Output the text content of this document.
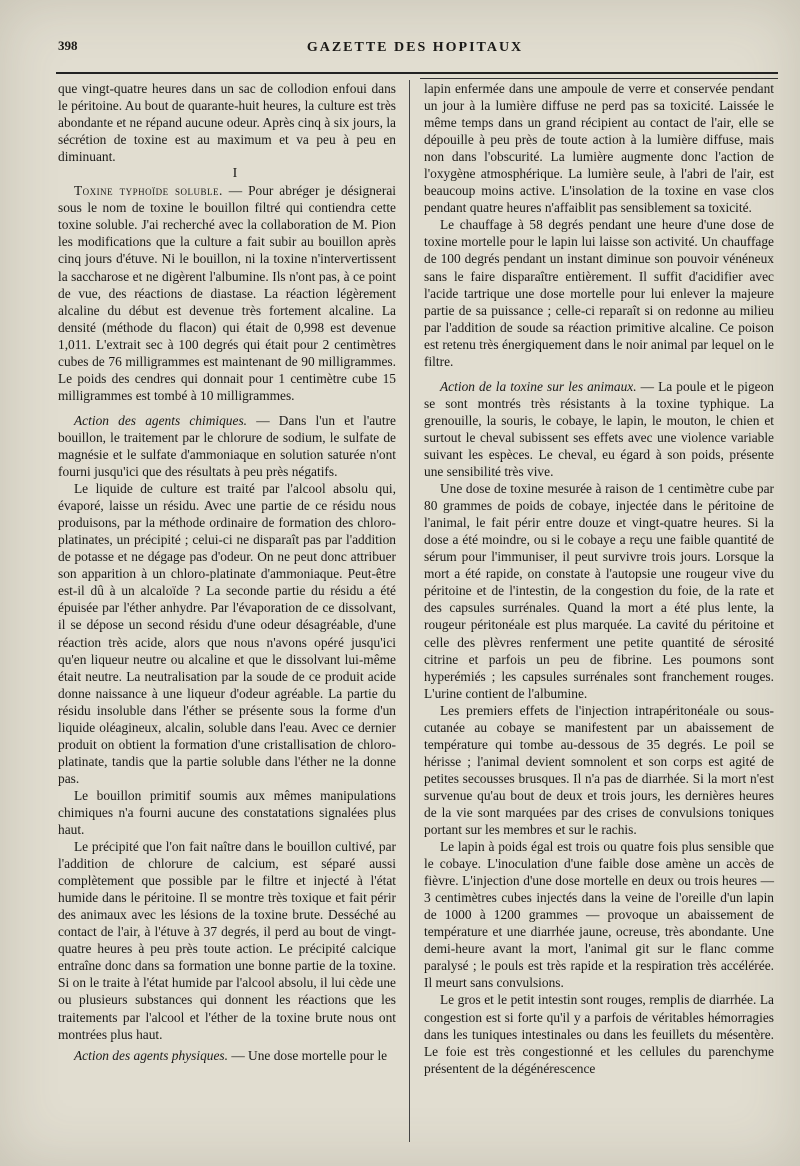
398	GAZETTE DES HOPITAUX

que vingt-quatre heures dans un sac de collodion enfoui dans le péritoine. Au bout de quarante-huit heures, la culture est très abondante et ne répand aucune odeur. Après cinq à six jours, la sécrétion de toxine est au maximum et va peu à peu en diminuant.

I

Toxine typhoïde soluble. — Pour abréger je désignerai sous le nom de toxine le bouillon filtré qui contiendra cette toxine soluble. J'ai recherché avec la collaboration de M. Pion les modifications que la culture a fait subir au bouillon après cinq jours d'étuve. Ni le bouillon, ni la toxine n'intervertissent la saccharose et ne digèrent l'albumine. Ils n'ont pas, à ce point de vue, des réactions de diastase. La réaction légèrement alcaline du début est devenue très fortement alcaline. La densité (méthode du flacon) qui était de 0,998 est devenue 1,011. L'extrait sec à 100 degrés qui était pour 2 centimètres cubes de 76 milligrammes est maintenant de 90 milligrammes. Le poids des cendres qui donnait pour 1 centimètre cube 15 milligrammes est tombé à 10 milligrammes.

Action des agents chimiques. — Dans l'un et l'autre bouillon, le traitement par le chlorure de sodium, le sulfate de magnésie et le sulfate d'ammoniaque en solution saturée n'ont fourni jusqu'ici que des résultats à peu près négatifs.

Le liquide de culture est traité par l'alcool absolu qui, évaporé, laisse un résidu. Avec une partie de ce résidu nous produisons, par la méthode ordinaire de formation des chloro-platinates, un précipité ; celui-ci ne disparaît pas par l'addition de potasse et ne dégage pas d'odeur. On ne peut donc attribuer son apparition à un chloro-platinate d'ammoniaque. Peut-être est-il dû à un alcaloïde ? La seconde partie du résidu a été épuisée par l'éther anhydre. Par l'évaporation de ce dissolvant, il se dépose un second résidu d'une odeur désagréable, d'une réaction très acide, alors que nous n'avons opéré jusqu'ici qu'en liqueur neutre ou alcaline et que le dissolvant lui-même était neutre. La neutralisation par la soude de ce produit acide donne naissance à une liqueur d'odeur agréable. La partie du résidu insoluble dans l'éther se présente sous la forme d'un liquide oléagineux, alcalin, soluble dans l'eau. Avec ce dernier produit on obtient la formation d'une cristallisation de chloro-platinate, tandis que la partie soluble dans l'éther ne la donne pas.

Le bouillon primitif soumis aux mêmes manipulations chimiques n'a fourni aucune des constatations signalées plus haut.

Le précipité que l'on fait naître dans le bouillon cultivé, par l'addition de chlorure de calcium, est séparé aussi complètement que possible par le filtre et injecté à l'état humide dans le péritoine. Il se montre très toxique et fait périr des animaux avec les lésions de la toxine brute. Desséché au contact de l'air, à l'étuve à 37 degrés, il perd au bout de vingt-quatre heures à peu près toute action. Le précipité calcique entraîne donc dans sa formation une bonne partie de la toxine. Si on le traite à l'état humide par l'alcool absolu, il lui cède une ou plusieurs substances qui donnent les réactions que les traitements par l'alcool et l'éther de la toxine brute nous ont montrées plus haut.

Action des agents physiques. — Une dose mortelle pour le

lapin enfermée dans une ampoule de verre et conservée pendant un jour à la lumière diffuse ne perd pas sa toxicité. Laissée le même temps dans un grand récipient au contact de l'air, elle se dépouille à peu près de toute action à la lumière diffuse, mais non dans l'obscurité. La lumière augmente donc l'action de l'oxygène atmosphérique. La lumière seule, à l'abri de l'air, est beaucoup moins active. L'insolation de la toxine en vase clos pendant quatre heures n'affaiblit pas sensiblement sa toxicité.

Le chauffage à 58 degrés pendant une heure d'une dose de toxine mortelle pour le lapin lui laisse son activité. Un chauffage de 100 degrés pendant un instant diminue son pouvoir vénéneux sans le faire disparaître entièrement. Il suffit d'acidifier avec l'acide tartrique une dose mortelle pour lui enlever la majeure partie de sa puissance ; celle-ci reparaît si on redonne au milieu par l'addition de soude sa réaction primitive alcaline. Ce poison est retenu très énergiquement dans le noir animal par lequel on le filtre.

Action de la toxine sur les animaux. — La poule et le pigeon se sont montrés très résistants à la toxine typhique. La grenouille, la souris, le cobaye, le lapin, le mouton, le chien et surtout le cheval subissent ses effets avec une violence variable suivant les espèces. Le cheval, eu égard à son poids, présente une sensibilité très vive.

Une dose de toxine mesurée à raison de 1 centimètre cube par 80 grammes de poids de cobaye, injectée dans le péritoine de l'animal, le fait périr entre douze et vingt-quatre heures. Si la dose a été moindre, ou si le cobaye a reçu une faible quantité de sérum pour l'immuniser, il peut survivre trois jours. Lorsque la mort a été rapide, on constate à l'autopsie une rougeur vive du péritoine et de l'intestin, de la congestion du foie, de la rate et des capsules surrénales. Quand la mort a été plus lente, la rougeur péritonéale est plus marquée. La cavité du péritoine et celle des plèvres renferment une petite quantité de sérosité citrine et parfois un peu de fibrine. Les poumons sont hyperémiés ; les capsules surrénales sont franchement rouges. L'urine contient de l'albumine.

Les premiers effets de l'injection intrapéritonéale ou sous-cutanée au cobaye se manifestent par un abaissement de température qui tombe au-dessous de 35 degrés. Le poil se hérisse ; l'animal devient somnolent et son corps est agité de petites secousses brusques. Il n'a pas de diarrhée. Si la mort n'est survenue qu'au bout de deux et trois jours, les dernières heures de la vie sont marquées par des crises de convulsions toniques portant sur les membres et sur le rachis.

Le lapin à poids égal est trois ou quatre fois plus sensible que le cobaye. L'inoculation d'une faible dose amène un accès de fièvre. L'injection d'une dose mortelle en deux ou trois heures — 3 centimètres cubes injectés dans la veine de l'oreille d'un lapin de 1000 à 1200 grammes — provoque un abaissement de température et une diarrhée jaune, ocreuse, très abondante. Une demi-heure avant la mort, l'animal git sur le flanc comme paralysé ; le pouls est très rapide et la respiration très accélérée. Il meurt sans convulsions.

Le gros et le petit intestin sont rouges, remplis de diarrhée. La congestion est si forte qu'il y a parfois de véritables hémorragies dans les tuniques intestinales ou dans les feuillets du mésentère. Le foie est très congestionné et les cellules du parenchyme présentent de la dégénérescence
